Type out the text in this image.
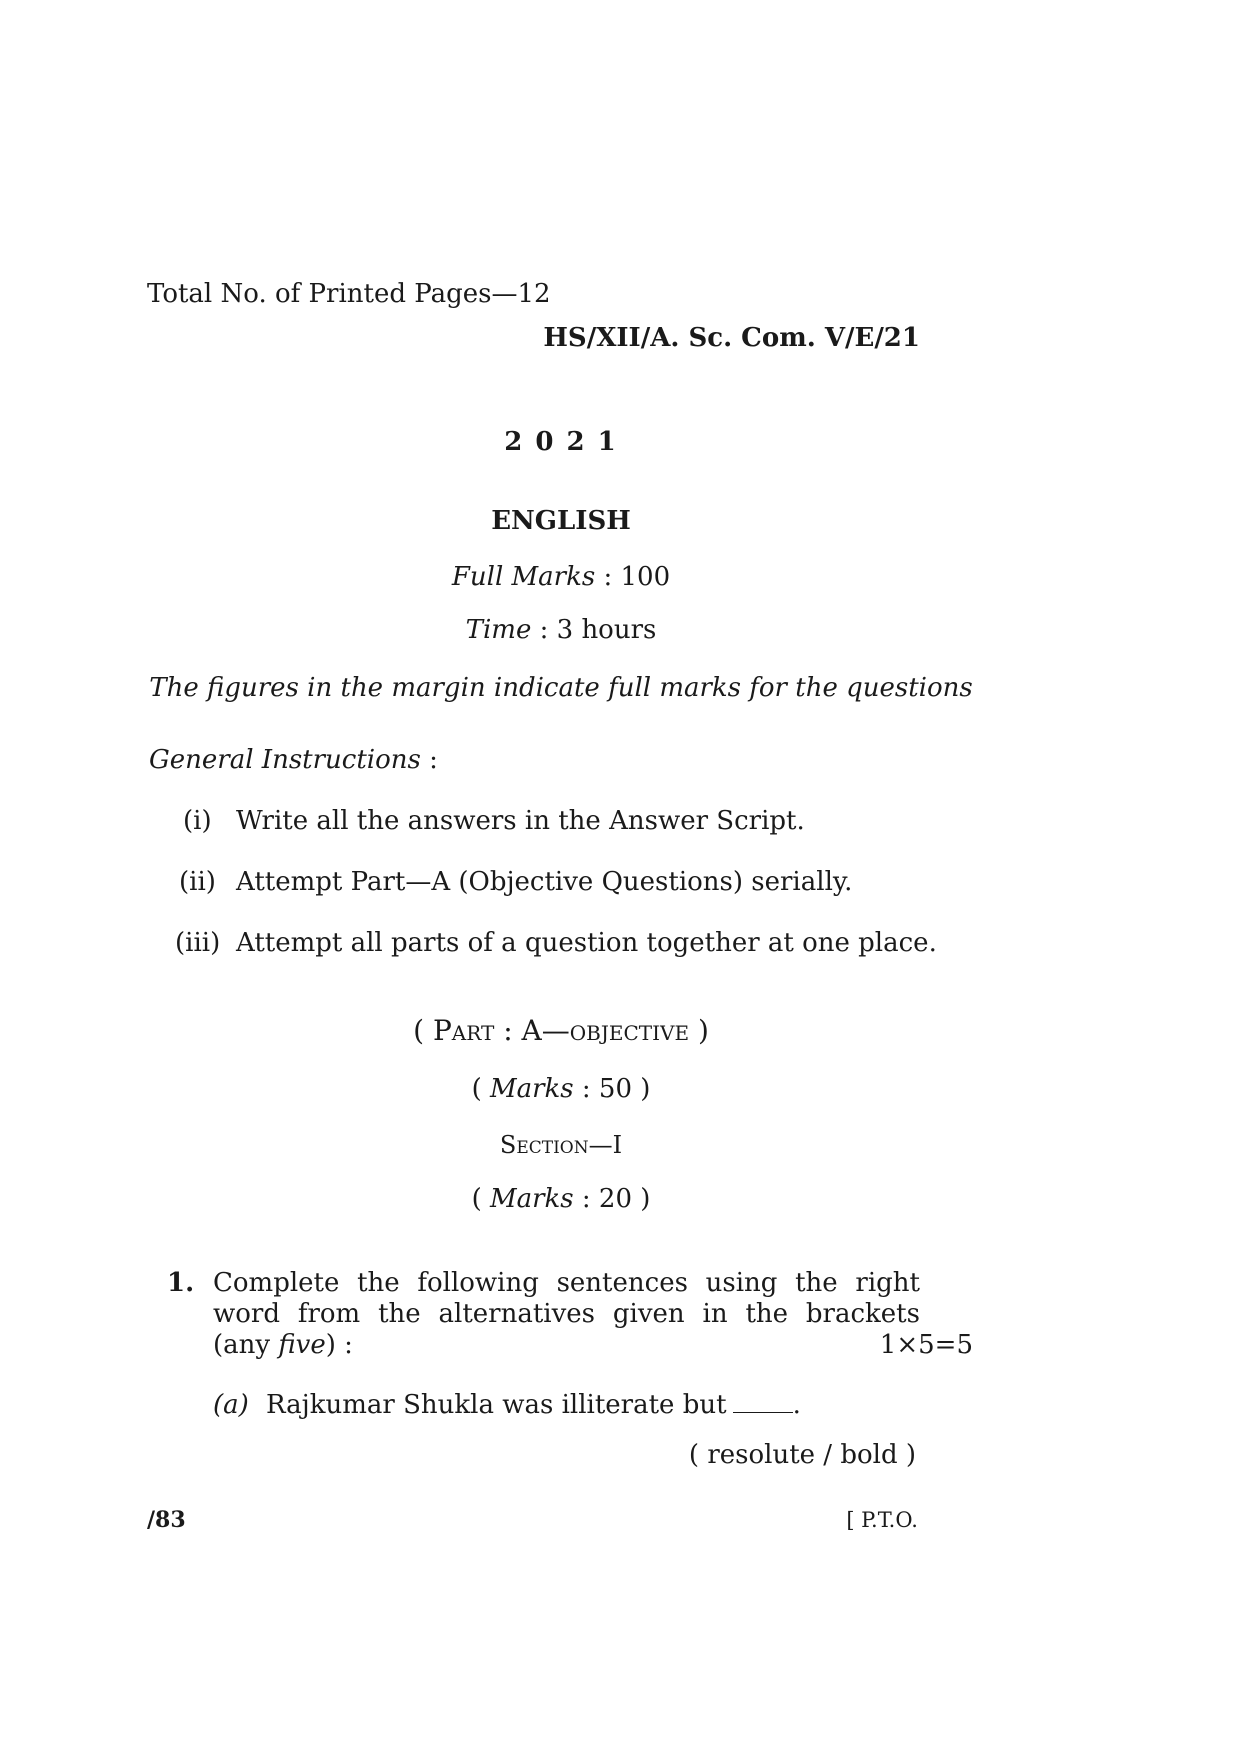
Total No. of Printed Pages—12
HS/XII/A. Sc. Com. V/E/21
2 0 2 1
ENGLISH
Full Marks : 100
Time : 3 hours
The figures in the margin indicate full marks for the questions
General Instructions :
(i) Write all the answers in the Answer Script.
(ii) Attempt Part—A (Objective Questions) serially.
(iii) Attempt all parts of a question together at one place.
( Part : A—objective )
( Marks : 50 )
Section—I
( Marks : 20 )
1. Complete the following sentences using the right
word from the alternatives given in the brackets
(any five) :	1×5=5
(a) Rajkumar Shukla was illiterate but	.
( resolute / bold )
/83	[ P.T.O.
